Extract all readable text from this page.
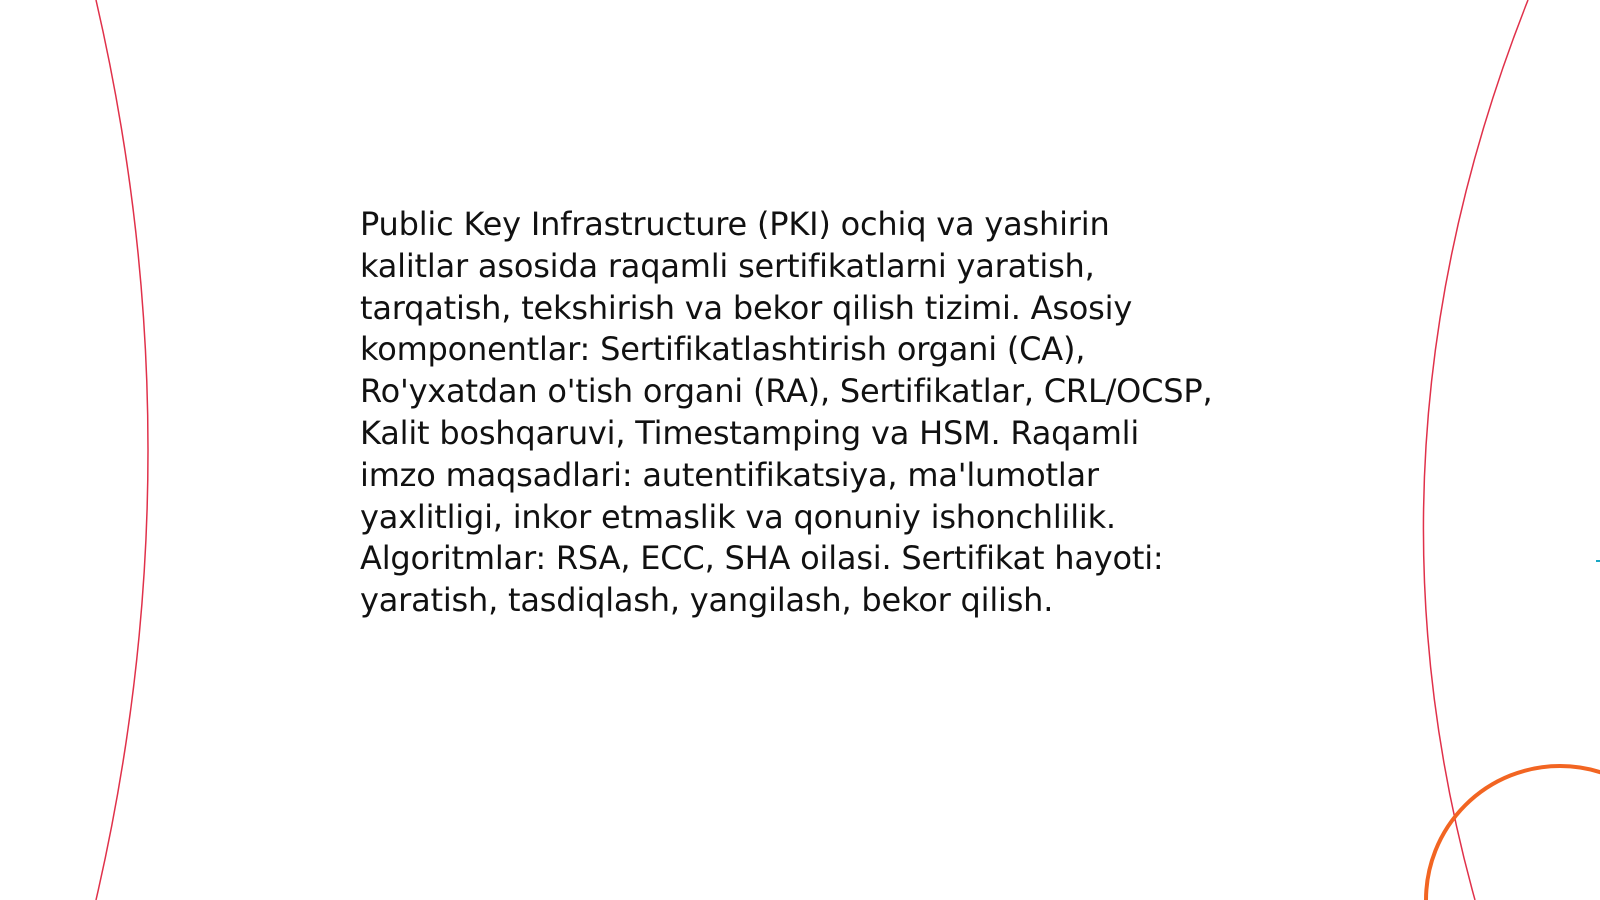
Public Key Infrastructure (PKI) ochiq va yashirin
kalitlar asosida raqamli sertifikatlarni yaratish,
tarqatish, tekshirish va bekor qilish tizimi. Asosiy
komponentlar: Sertifikatlashtirish organi (CA),
Ro'yxatdan o'tish organi (RA), Sertifikatlar, CRL/OCSP,
Kalit boshqaruvi, Timestamping va HSM. Raqamli
imzo maqsadlari: autentifikatsiya, ma'lumotlar
yaxlitligi, inkor etmaslik va qonuniy ishonchlilik.
Algoritmlar: RSA, ECC, SHA oilasi. Sertifikat hayoti:
yaratish, tasdiqlash, yangilash, bekor qilish.
